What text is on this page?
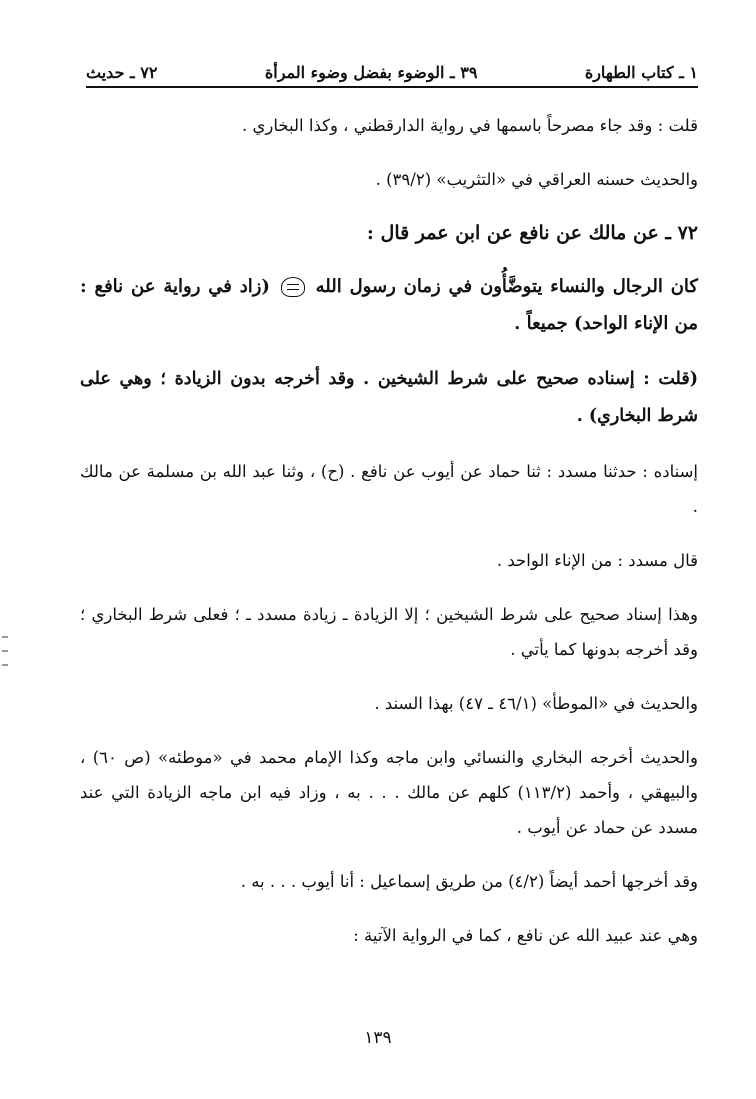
١ ـ كتاب الطهارة
٣٩ ـ الوضوء بفضل وضوء المرأة
٧٢ ـ حديث

قلت : وقد جاء مصرحاً باسمها في رواية الدارقطني ، وكذا البخاري .

والحديث حسنه العراقي في «التثريب» (٣٩/٢) .

٧٢ ـ عن مالك عن نافع عن ابن عمر قال :

كان الرجال والنساء يتوضَّأُون في زمان رسول الله  (زاد في رواية عن نافع : من الإناء الواحد) جميعاً .

(قلت : إسناده صحيح على شرط الشيخين . وقد أخرجه بدون الزيادة ؛ وهي على شرط البخاري) .

إسناده : حدثنا مسدد : ثنا حماد عن أيوب عن نافع . (ح) ، وثنا عبد الله بن مسلمة عن مالك .

قال مسدد : من الإناء الواحد .

وهذا إسناد صحيح على شرط الشيخين ؛ إلا الزيادة ـ زيادة مسدد ـ ؛ فعلى شرط البخاري ؛ وقد أخرجه بدونها كما يأتي .

والحديث في «الموطأ» (٤٦/١ ـ ٤٧) بهذا السند .

والحديث أخرجه البخاري والنسائي وابن ماجه وكذا الإمام محمد في «موطئه» (ص ٦٠) ، والبيهقي ، وأحمد (١١٣/٢) كلهم عن مالك . . . به ، وزاد فيه ابن ماجه الزيادة التي عند مسدد عن حماد عن أيوب .

وقد أخرجها أحمد أيضاً (٤/٢) من طريق إسماعيل : أنا أيوب . . . به .

وهي عند عبيد الله عن نافع ، كما في الرواية الآتية :

١٣٩
